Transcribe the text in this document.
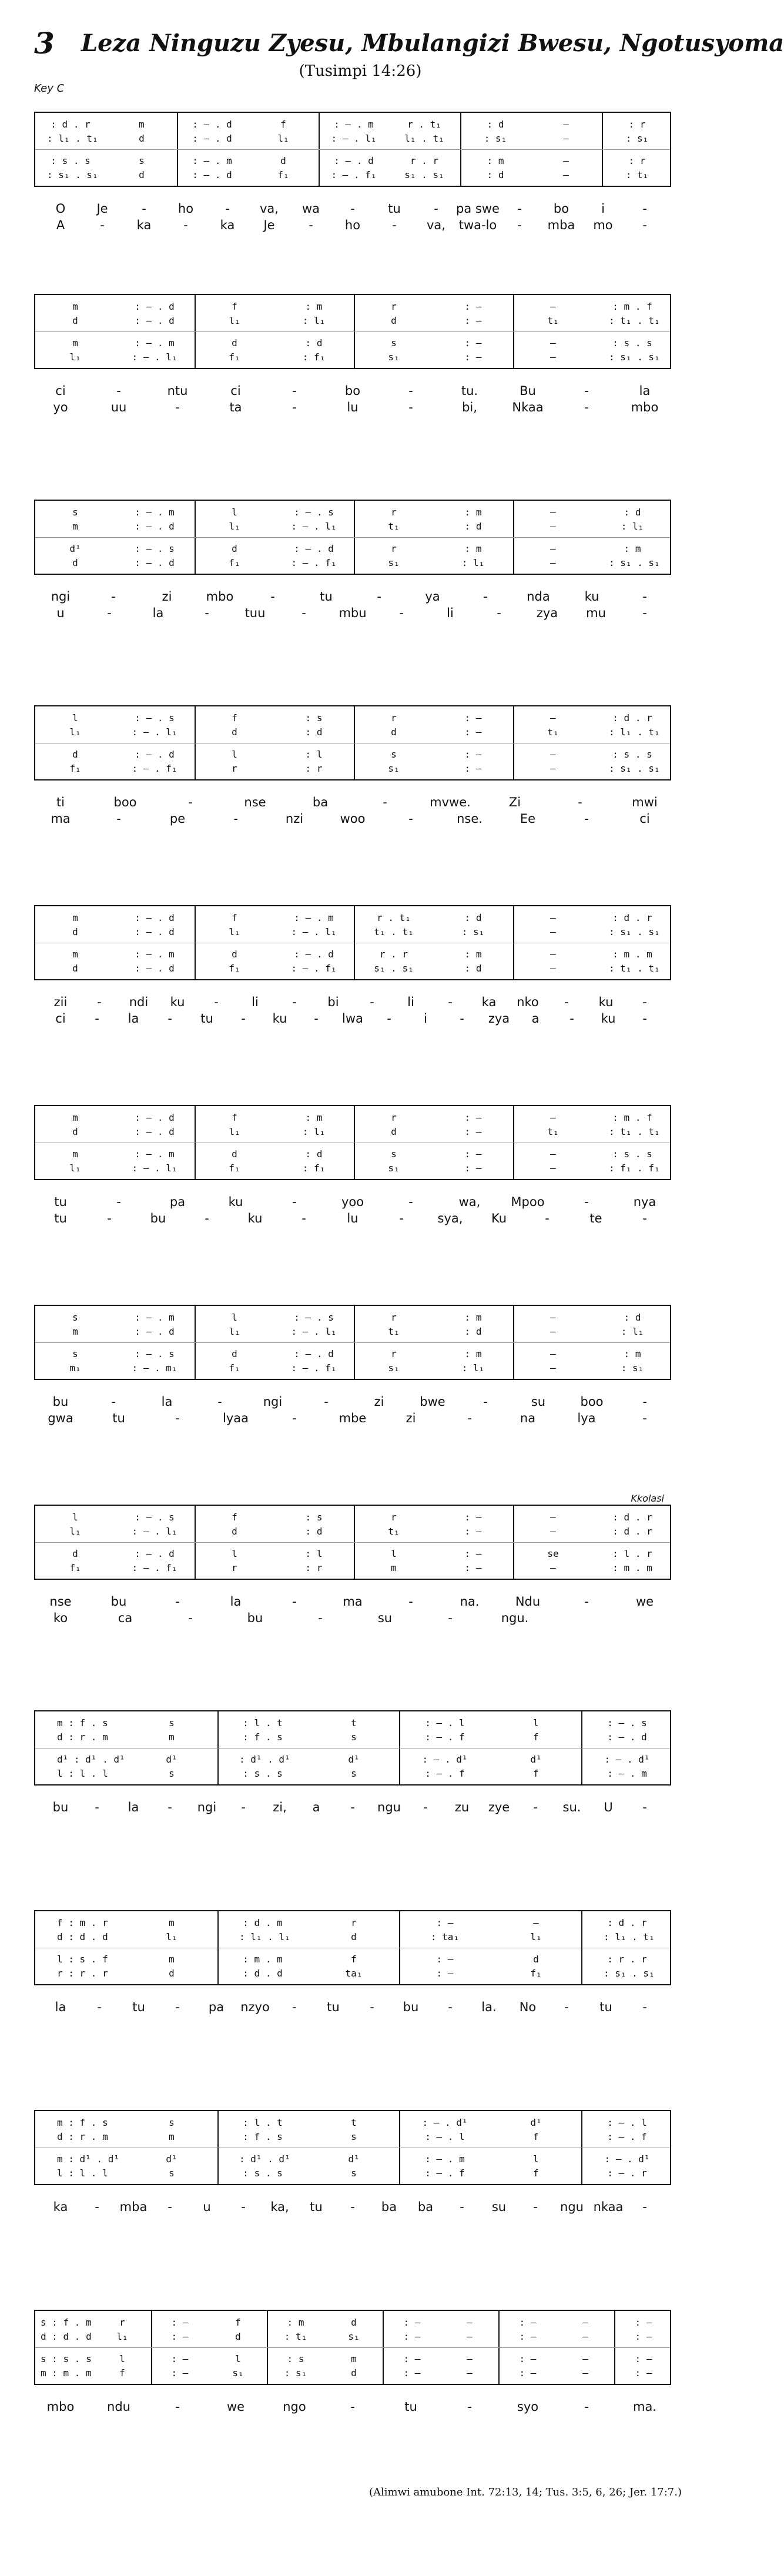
3 Leza Ninguzu Zyesu, Mbulangizi Bwesu, Ngotusyoma
(Tusimpi 14:26)
Key C
: d . r	m	: – . d	f	: – . m	r . t₁	: d	—	: r
: l₁ . t₁	d	: – . d	l₁	: – . l₁	l₁ . t₁	: s₁	—	: s₁
: s . s	s	: – . m	d	: – . d	r . r	: m	—	: r
: s₁ . s₁	d	: – . d	f₁	: – . f₁	s₁ . s₁	: d	—	: t₁
O	Je	-	ho	-	va,	wa	-	tu	-	pa swe	-	bo	i	-
A	-	ka	-	ka	Je	-	ho	-	va,	twa-lo	-	mba	mo	-
m	: – . d	f	: m	r	: —	—	: m . f
d	: – . d	l₁	: l₁	d	: —	t₁	: t₁ . t₁
m	: – . m	d	: d	s	: —	—	: s . s
l₁	: – . l₁	f₁	: f₁	s₁	: —	—	: s₁ . s₁
ci	-	ntu	ci	-	bo	-	tu.	Bu	-	la
yo	uu	-	ta	-	lu	-	bi,	Nkaa	-	mbo
s	: – . m	l	: – . s	r	: m	—	: d
m	: – . d	l₁	: – . l₁	t₁	: d	—	: l₁
d¹	: – . s	d	: – . d	r	: m	—	: m
d	: – . d	f₁	: – . f₁	s₁	: l₁	—	: s₁ . s₁
ngi	-	zi	mbo	-	tu	-	ya	-	nda	ku	-
u	-	la	-	tuu	-	mbu	-	li	-	zya	mu	-
l	: – . s	f	: s	r	: —	—	: d . r
l₁	: – . l₁	d	: d	d	: —	t₁	: l₁ . t₁
d	: – . d	l	: l	s	: —	—	: s . s
f₁	: – . f₁	r	: r	s₁	: —	—	: s₁ . s₁
ti	boo	-	nse	ba	-	mvwe.	Zi	-	mwi
ma	-	pe	-	nzi	woo	-	nse.	Ee	-	ci
m	: – . d	f	: – . m	r . t₁	: d	—	: d . r
d	: – . d	l₁	: – . l₁	t₁ . t₁	: s₁	—	: s₁ . s₁
m	: – . m	d	: – . d	r . r	: m	—	: m . m
d	: – . d	f₁	: – . f₁	s₁ . s₁	: d	—	: t₁ . t₁
zii	-	ndi	ku	-	li	-	bi	-	li	-	ka	nko	-	ku	-
ci	-	la	-	tu	-	ku	-	lwa	-	i	-	zya	a	-	ku	-
m	: – . d	f	: m	r	: —	—	: m . f
d	: – . d	l₁	: l₁	d	: —	t₁	: t₁ . t₁
m	: – . m	d	: d	s	: —	—	: s . s
l₁	: – . l₁	f₁	: f₁	s₁	: —	—	: f₁ . f₁
tu	-	pa	ku	-	yoo	-	wa,	Mpoo	-	nya
tu	-	bu	-	ku	-	lu	-	sya,	Ku	-	te	-
s	: – . m	l	: – . s	r	: m	—	: d
m	: – . d	l₁	: – . l₁	t₁	: d	—	: l₁
s	: – . s	d	: – . d	r	: m	—	: m
m₁	: – . m₁	f₁	: – . f₁	s₁	: l₁	—	: s₁
bu	-	la	-	ngi	-	zi	bwe	-	su	boo	-
gwa	tu	-	lyaa	-	mbe	zi	-	na	lya	-
l	: – . s	f	: s	r	: —	—	: d . r
l₁	: – . l₁	d	: d	t₁	: —	—	: d . r
d	: – . d	l	: l	l	: —	se	: l . r
f₁	: – . f₁	r	: r	m	: —	—	: m . m
Kkolasi
nse	bu	-	la	-	ma	-	na.	Ndu	-	we
ko	ca	-	bu	-	su	-	ngu.
m : f . s	s	: l . t	t	: – . l	l	: – . s
d : r . m	m	: f . s	s	: – . f	f	: – . d
d¹ : d¹ . d¹	d¹	: d¹ . d¹	d¹	: – . d¹	d¹	: – . d¹
l : l . l	s	: s . s	s	: – . f	f	: – . m
bu	-	la	-	ngi	-	zi,	a	-	ngu	-	zu	zye	-	su.	U	-
f : m . r	m	: d . m	r	: —	—	: d . r
d : d . d	l₁	: l₁ . l₁	d	: ta₁	l₁	: l₁ . t₁
l : s . f	m	: m . m	f	: —	d	: r . r
r : r . r	d	: d . d	ta₁	: —	f₁	: s₁ . s₁
la	-	tu	-	pa	nzyo	-	tu	-	bu	-	la.	No	-	tu	-
m : f . s	s	: l . t	t	: – . d¹	d¹	: – . l
d : r . m	m	: f . s	s	: – . l	f	: – . f
m : d¹ . d¹	d¹	: d¹ . d¹	d¹	: – . m	l	: – . d¹
l : l . l	s	: s . s	s	: – . f	f	: – . r
ka	-	mba	-	u	-	ka,	tu	-	ba	ba	-	su	-	ngu nkaa	-
s : f . m	r	: —	f	: m	d	: —	—	: —	—	: —
d : d . d	l₁	: —	d	: t₁	s₁	: —	—	: —	—	: —
s : s . s	l	: —	l	: s	m	: —	—	: —	—	: —
m : m . m	f	: —	s₁	: s₁	d	: —	—	: —	—	: —
mbo	ndu	-	we	ngo	-	tu	-	syo	-	ma.
(Alimwi amubone Int. 72:13, 14; Tus. 3:5, 6, 26; Jer. 17:7.)
